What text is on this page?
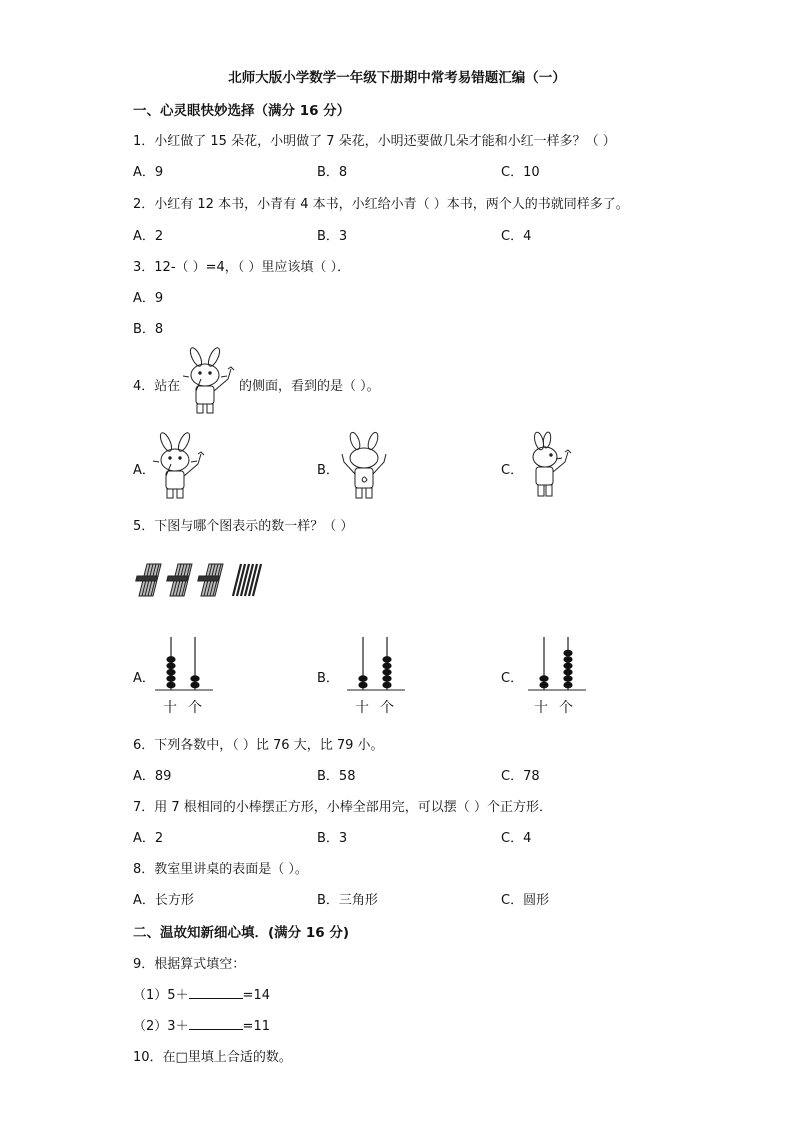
北师大版小学数学一年级下册期中常考易错题汇编（一）
一、心灵眼快妙选择（满分 16 分）
1．小红做了 15 朵花，小明做了 7 朵花，小明还要做几朵才能和小红一样多？（ ）
A．9	B．8	C．10
2．小红有 12 本书，小青有 4 本书，小红给小青（ ）本书，两个人的书就同样多了。
A．2	B．3	C．4
3．12-（ ）=4，（ ）里应该填（ ）．
A．9
B．8
4．站在	的侧面，看到的是（ ）。
A．	B．	C．
5．下图与哪个图表示的数一样？（ ）
A．	B．	C．
十 个	十 个	十 个
6．下列各数中，（ ）比 76 大，比 79 小。
A．89	B．58	C．78
7．用 7 根相同的小棒摆正方形，小棒全部用完，可以摆（ ）个正方形．
A．2	B．3	C．4
8．教室里讲桌的表面是（ ）。
A．长方形	B．三角形	C．圆形
二、温故知新细心填．(满分 16 分)
9．根据算式填空：
（1）5＋	=14
（2）3＋	=11
10．在□里填上合适的数。
